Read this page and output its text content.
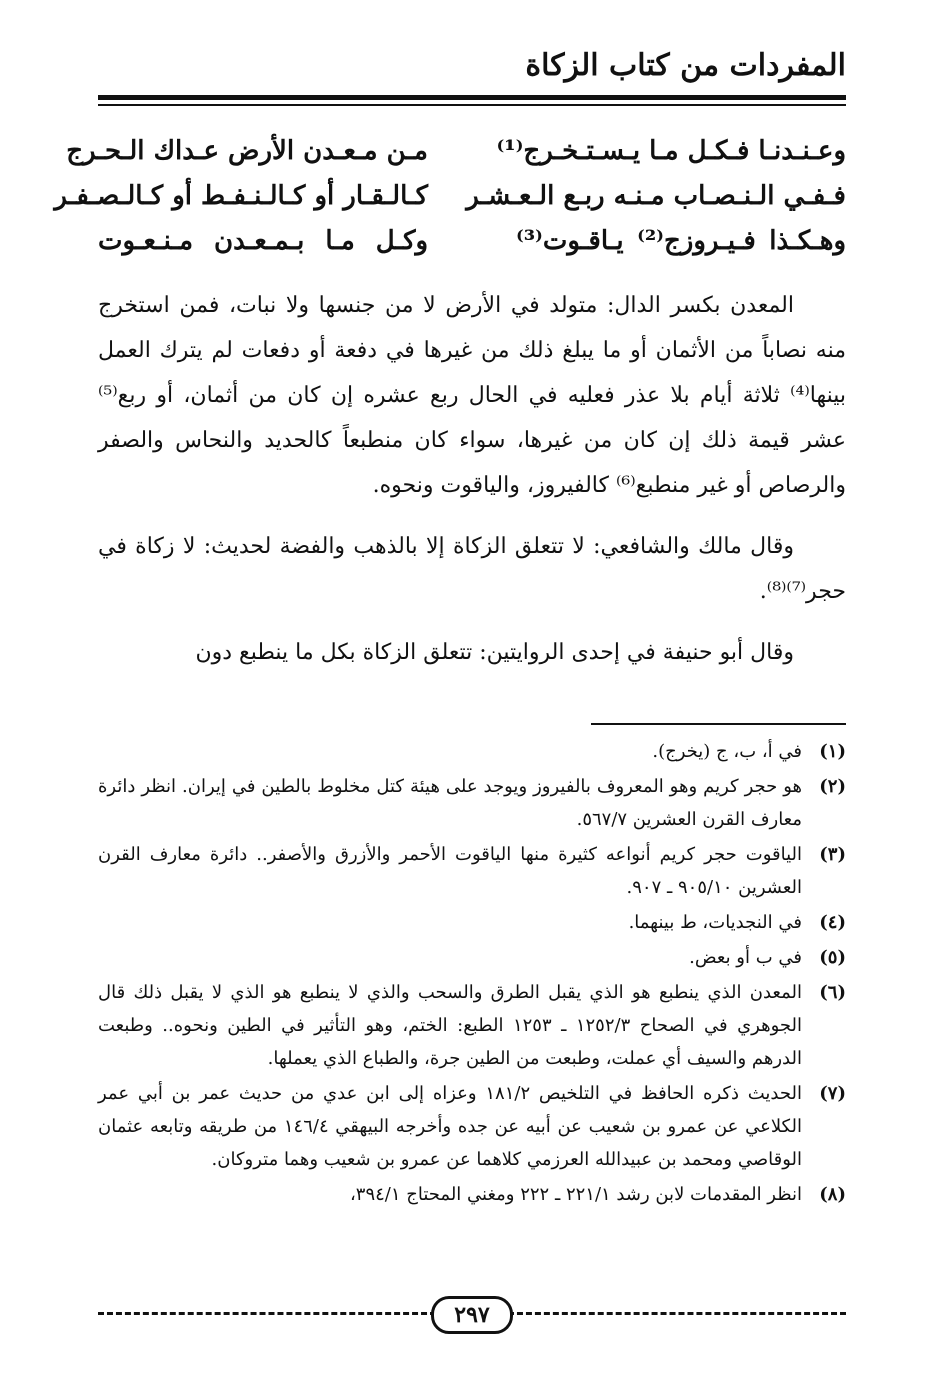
المفردات من كتاب الزكاة
وعـنـدنـا فـكـل مـا يـسـتـخـرج⁽¹⁾
مـن مـعـدن الأرض عـداك الـحـرج
فـفـي الـنـصـاب مـنـه ربـع الـعـشـر
كـالـقـار أو كـالـنـفـط أو كـالـصـفـر
وهـكـذا فـيـروزج⁽²⁾ يـاقـوت⁽³⁾
وكـل مـا بـمـعـدن مـنـعـوت

المعدن بكسر الدال: متولد في الأرض لا من جنسها ولا نبات، فمن استخرج منه نصاباً من الأثمان أو ما يبلغ ذلك من غيرها في دفعة أو دفعات لم يترك العمل بينها⁽⁴⁾ ثلاثة أيام بلا عذر فعليه في الحال ربع عشره إن كان من أثمان، أو ربع⁽⁵⁾ عشر قيمة ذلك إن كان من غيرها، سواء كان منطبعاً كالحديد والنحاس والصفر والرصاص أو غير منطبع⁽⁶⁾ كالفيروز، والياقوت ونحوه.

وقال مالك والشافعي: لا تتعلق الزكاة إلا بالذهب والفضة لحديث: لا زكاة في حجر⁽⁷⁾⁽⁸⁾.

وقال أبو حنيفة في إحدى الروايتين: تتعلق الزكاة بكل ما ينطبع دون

(١)
في أ، ب، ج (يخرج).
(٢)
هو حجر كريم وهو المعروف بالفيروز ويوجد على هيئة كتل مخلوط بالطين في إيران. انظر دائرة معارف القرن العشرين ٥٦٧/٧.
(٣)
الياقوت حجر كريم أنواعه كثيرة منها الياقوت الأحمر والأزرق والأصفر.. دائرة معارف القرن العشرين ٩٠٥/١٠ ـ ٩٠٧.
(٤)
في النجديات، ط بينهما.
(٥)
في ب أو بعض.
(٦)
المعدن الذي ينطبع هو الذي يقبل الطرق والسحب والذي لا ينطبع هو الذي لا يقبل ذلك قال الجوهري في الصحاح ١٢٥٢/٣ ـ ١٢٥٣ الطبع: الختم، وهو التأثير في الطين ونحوه.. وطبعت الدرهم والسيف أي عملت، وطبعت من الطين جرة، والطباع الذي يعملها.
(٧)
الحديث ذكره الحافظ في التلخيص ١٨١/٢ وعزاه إلى ابن عدي من حديث عمر بن أبي عمر الكلاعي عن عمرو بن شعيب عن أبيه عن جده وأخرجه البيهقي ١٤٦/٤ من طريقه وتابعه عثمان الوقاصي ومحمد بن عبيدالله العرزمي كلاهما عن عمرو بن شعيب وهما متروكان.
(٨)
انظر المقدمات لابن رشد ٢٢١/١ ـ ٢٢٢ ومغني المحتاج ٣٩٤/١،
٢٩٧
